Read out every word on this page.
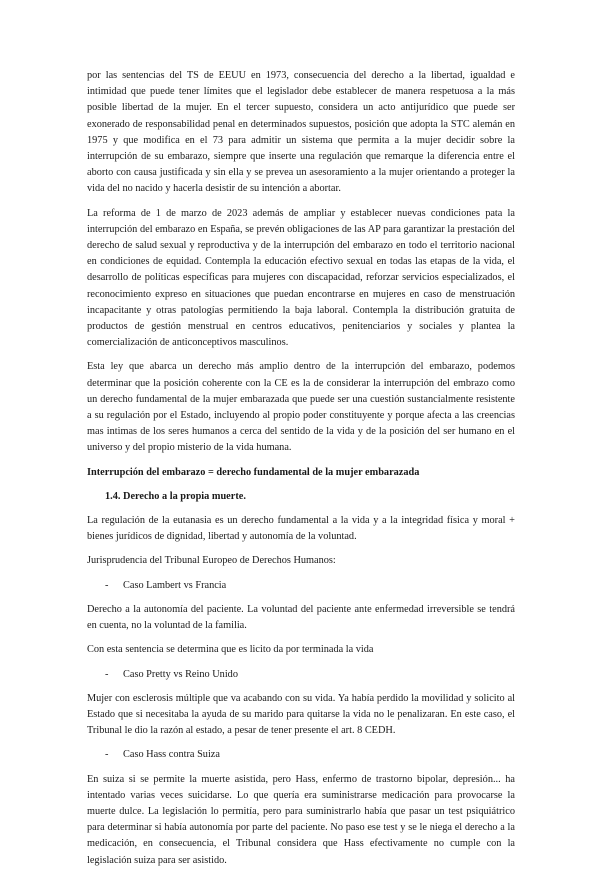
por las sentencias del TS de EEUU en 1973, consecuencia del derecho a la libertad, igualdad e intimidad que puede tener límites que el legislador debe establecer de manera respetuosa a la más posible libertad de la mujer. En el tercer supuesto, considera un acto antijurídico que puede ser exonerado de responsabilidad penal en determinados supuestos, posición que adopta la STC alemán en 1975 y que modifica en el 73 para admitir un sistema que permita a la mujer decidir sobre la interrupción de su embarazo, siempre que inserte una regulación que remarque la diferencia entre el aborto con causa justificada y sin ella y se prevea un asesoramiento a la mujer orientando a proteger la vida del no nacido y hacerla desistir de su intención a abortar.

La reforma de 1 de marzo de 2023 además de ampliar y establecer nuevas condiciones pata la interrupción del embarazo en España, se prevén obligaciones de las AP para garantizar la prestación del derecho de salud sexual y reproductiva y de la interrupción del embarazo en todo el territorio nacional en condiciones de equidad. Contempla la educación efectivo sexual en todas las etapas de la vida, el desarrollo de políticas específicas para mujeres con discapacidad, reforzar servicios especializados, el reconocimiento expreso en situaciones que puedan encontrarse en mujeres en caso de menstruación incapacitante y otras patologías permitiendo la baja laboral. Contempla la distribución gratuita de productos de gestión menstrual en centros educativos, penitenciarios y sociales y plantea la comercialización de anticonceptivos masculinos.

Esta ley que abarca un derecho más amplio dentro de la interrupción del embarazo, podemos determinar que la posición coherente con la CE es la de considerar la interrupción del embrazo como un derecho fundamental de la mujer embarazada que puede ser una cuestión sustancialmente resistente a su regulación por el Estado, incluyendo al propio poder constituyente y porque afecta a las creencias mas intimas de los seres humanos a cerca del sentido de la vida y de la posición del ser humano en el universo y del propio misterio de la vida humana.

Interrupción del embarazo = derecho fundamental de la mujer embarazada

1.4. Derecho a la propia muerte.

La regulación de la eutanasia es un derecho fundamental a la vida y a la integridad física y moral + bienes jurídicos de dignidad, libertad y autonomía de la voluntad.

Jurisprudencia del Tribunal Europeo de Derechos Humanos:

-	Caso Lambert vs Francia

Derecho a la autonomía del paciente. La voluntad del paciente ante enfermedad irreversible se tendrá en cuenta, no la voluntad de la familia.

Con esta sentencia se determina que es licito da por terminada la vida

-	Caso Pretty vs Reino Unido

Mujer con esclerosis múltiple que va acabando con su vida. Ya había perdido la movilidad y solicito al Estado que si necesitaba la ayuda de su marido para quitarse la vida no le penalizaran. En este caso, el Tribunal le dio la razón al estado, a pesar de tener presente el art. 8 CEDH.

-	Caso Hass contra Suiza

En suiza si se permite la muerte asistida, pero Hass, enfermo de trastorno bipolar, depresión... ha intentado varias veces suicidarse. Lo que quería era suministrarse medicación para provocarse la muerte dulce. La legislación lo permitía, pero para suministrarlo había que pasar un test psiquiátrico para determinar si había autonomía por parte del paciente. No paso ese test y se le niega el derecho a la medicación, en consecuencia, el Tribunal considera que Hass efectivamente no cumple con la legislación suiza para ser asistido.
